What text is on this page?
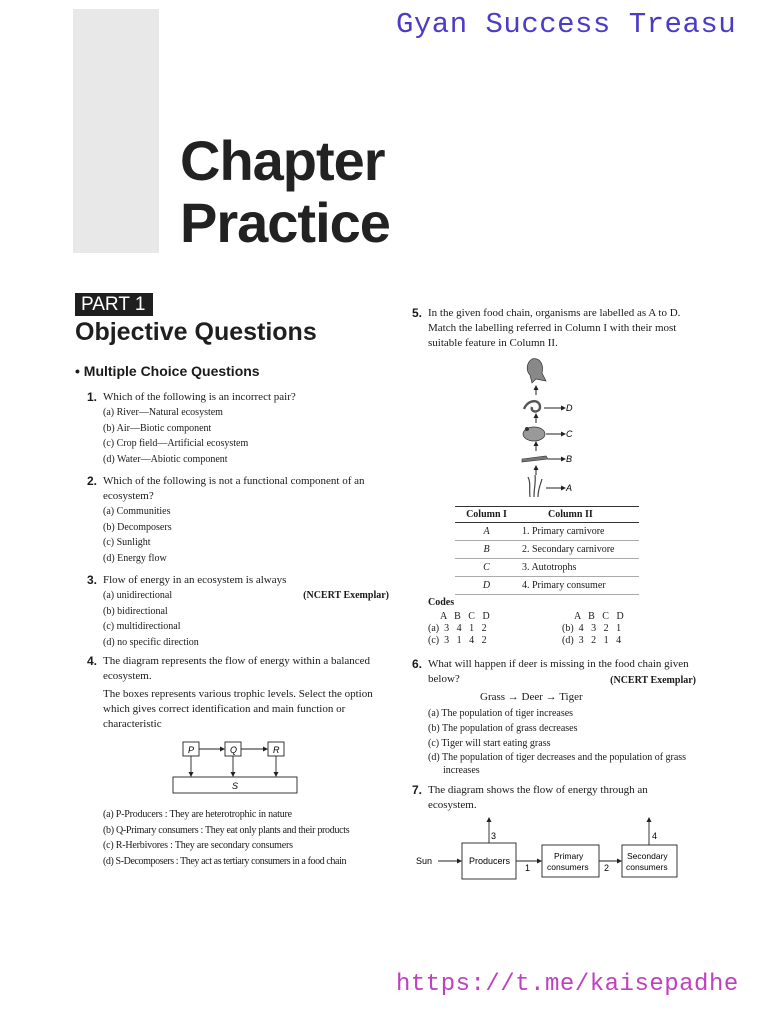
Gyan Success Treasu
Chapter
Practice
PART 1
Objective Questions
• Multiple Choice Questions
1. Which of the following is an incorrect pair?

(a) River—Natural ecosystem

(b) Air—Biotic component

(c) Crop field—Artificial ecosystem

(d) Water—Abiotic component

2. Which of the following is not a functional component of an ecosystem?

(a) Communities

(b) Decomposers

(c) Sunlight

(d) Energy flow

3. Flow of energy in an ecosystem is always

(NCERT Exemplar)
(a) unidirectional

(b) bidirectional

(c) multidirectional

(d) no specific direction

4. The diagram represents the flow of energy within a balanced ecosystem.

The boxes represents various trophic levels. Select the option which gives correct identification and main function or characteristic

P	Q	R
S

(a) P-Producers : They are heterotrophic in nature

(b) Q-Primary consumers : They eat only plants and their products

(c) R-Herbivores : They are secondary consumers

(d) S-Decomposers : They act as tertiary consumers in a food chain

5. In the given food chain, organisms are labelled as A to D. Match the labelling referred in Column I with their most suitable feature in Column II.

D
C
B
A
Column I	Column II
A	1. Primary carnivore
B	2. Secondary carnivore
C	3. Autotrophs
D	4. Primary consumer
Codes
A   B   C   D
(a)  3   4   1   2
(c)  3   1   4   2
A   B   C   D
(b)  4   3   2   1
(d)  3   2   1   4
6. What will happen if deer is missing in the food chain given below?	(NCERT Exemplar)
Grass → Deer → Tiger

(a) The population of tiger increases

(b) The population of grass decreases

(c) Tiger will start eating grass

(d) The population of tiger decreases and the population of grass increases

7. The diagram shows the flow of energy through an ecosystem.

Sun	Producers	Primary
consumers
Secondary
consumers
1	2
3	4
https://t.me/kaisepadhe
